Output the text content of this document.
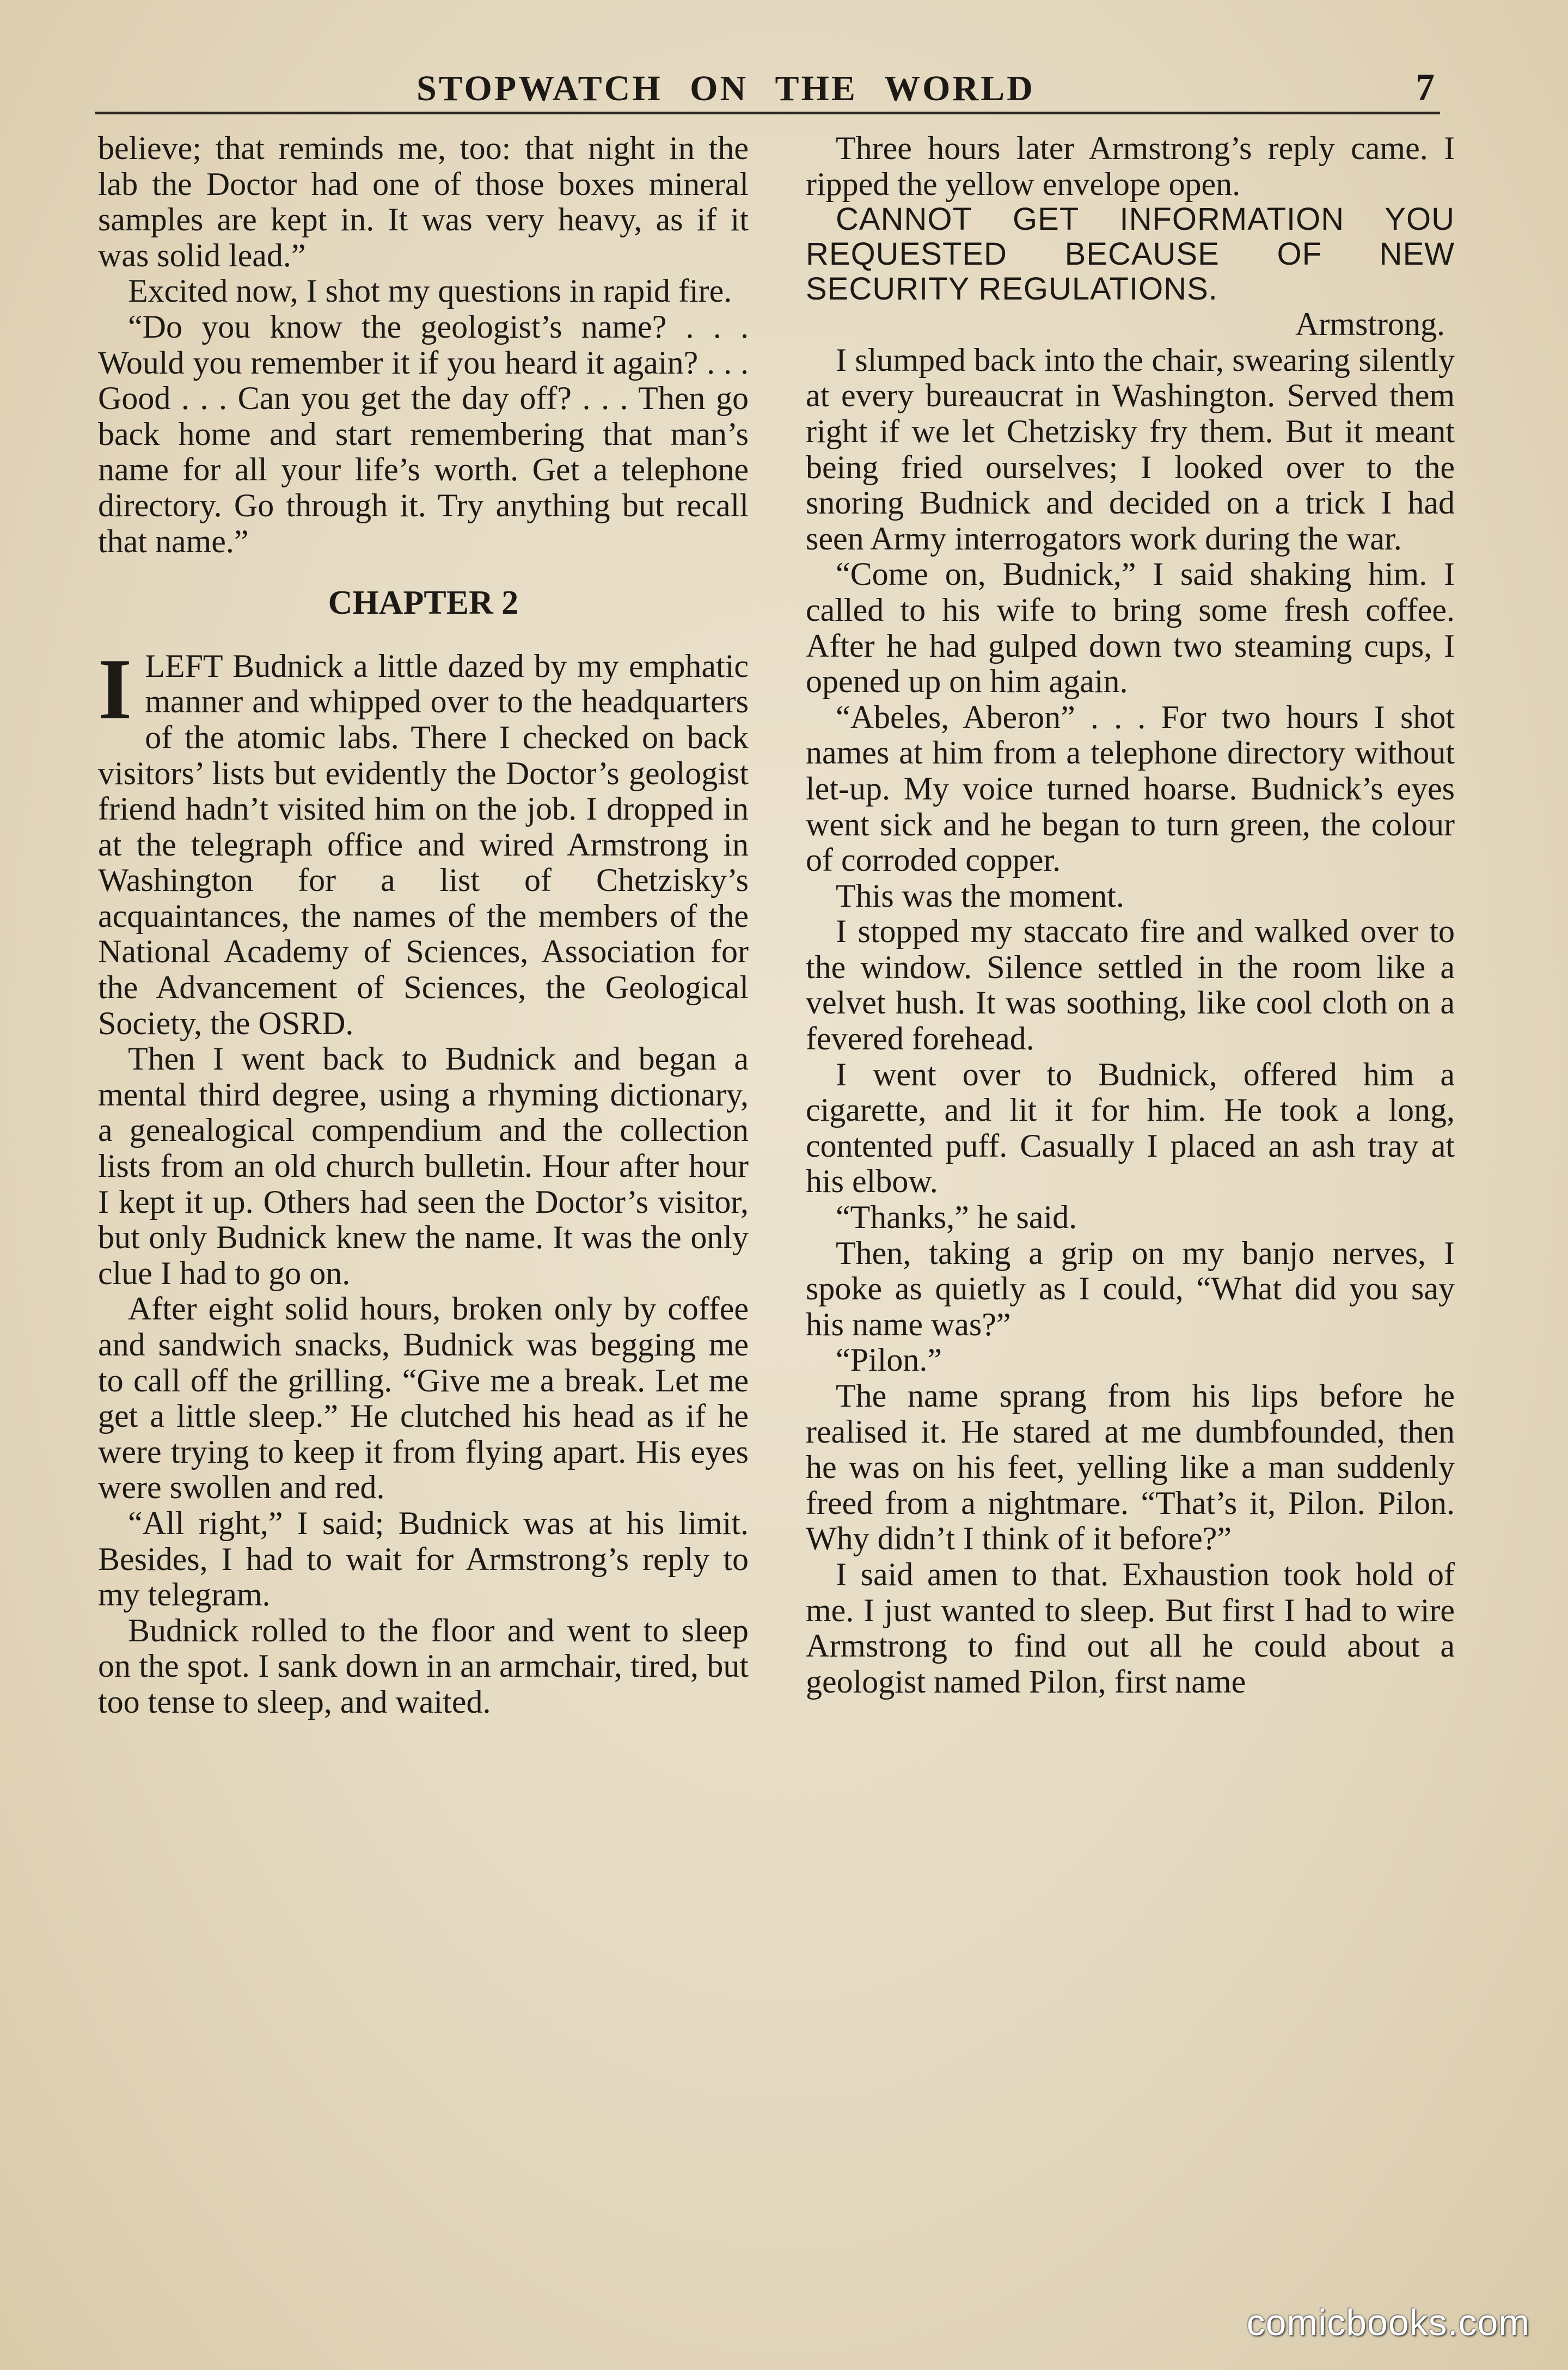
STOPWATCH ON THE WORLD	7

believe; that reminds me, too: that night in the lab the Doctor had one of those boxes mineral samples are kept in. It was very heavy, as if it was solid lead.”

Excited now, I shot my questions in rapid fire.

“Do you know the geologist’s name? . . . Would you remember it if you heard it again? . . . Good . . . Can you get the day off? . . . Then go back home and start remembering that man’s name for all your life’s worth. Get a telephone directory. Go through it. Try anything but recall that name.”

CHAPTER 2

ILEFT Budnick a little dazed by my emphatic manner and whipped over to the headquarters of the atomic labs. There I checked on back visitors’ lists but evidently the Doctor’s geologist friend hadn’t visited him on the job. I dropped in at the telegraph office and wired Armstrong in Washington for a list of Chetzisky’s acquaintances, the names of the members of the National Academy of Sciences, Association for the Advancement of Sciences, the Geological Society, the OSRD.

Then I went back to Budnick and began a mental third degree, using a rhyming dictionary, a genealogical compendium and the collection lists from an old church bulletin. Hour after hour I kept it up. Others had seen the Doctor’s visitor, but only Budnick knew the name. It was the only clue I had to go on.

After eight solid hours, broken only by coffee and sandwich snacks, Budnick was begging me to call off the grilling. “Give me a break. Let me get a little sleep.” He clutched his head as if he were trying to keep it from flying apart. His eyes were swollen and red.

“All right,” I said; Budnick was at his limit. Besides, I had to wait for Armstrong’s reply to my telegram.

Budnick rolled to the floor and went to sleep on the spot. I sank down in an armchair, tired, but too tense to sleep, and waited.

Three hours later Armstrong’s reply came. I ripped the yellow envelope open.

CANNOT GET INFORMATION YOU REQUESTED BECAUSE OF NEW SECURITY REGULATIONS.

Armstrong.

I slumped back into the chair, swearing silently at every bureaucrat in Washington. Served them right if we let Chetzisky fry them. But it meant being fried ourselves; I looked over to the snoring Budnick and decided on a trick I had seen Army interrogators work during the war.

“Come on, Budnick,” I said shaking him. I called to his wife to bring some fresh coffee. After he had gulped down two steaming cups, I opened up on him again.

“Abeles, Aberon” . . . For two hours I shot names at him from a telephone directory without let-up. My voice turned hoarse. Budnick’s eyes went sick and he began to turn green, the colour of corroded copper.

This was the moment.

I stopped my staccato fire and walked over to the window. Silence settled in the room like a velvet hush. It was soothing, like cool cloth on a fevered forehead.

I went over to Budnick, offered him a cigarette, and lit it for him. He took a long, contented puff. Casually I placed an ash tray at his elbow.

“Thanks,” he said.

Then, taking a grip on my banjo nerves, I spoke as quietly as I could, “What did you say his name was?”

“Pilon.”

The name sprang from his lips before he realised it. He stared at me dumbfounded, then he was on his feet, yelling like a man suddenly freed from a nightmare. “That’s it, Pilon. Pilon. Why didn’t I think of it before?”

I said amen to that. Exhaustion took hold of me. I just wanted to sleep. But first I had to wire Armstrong to find out all he could about a geologist named Pilon, first name

comicbooks.com
